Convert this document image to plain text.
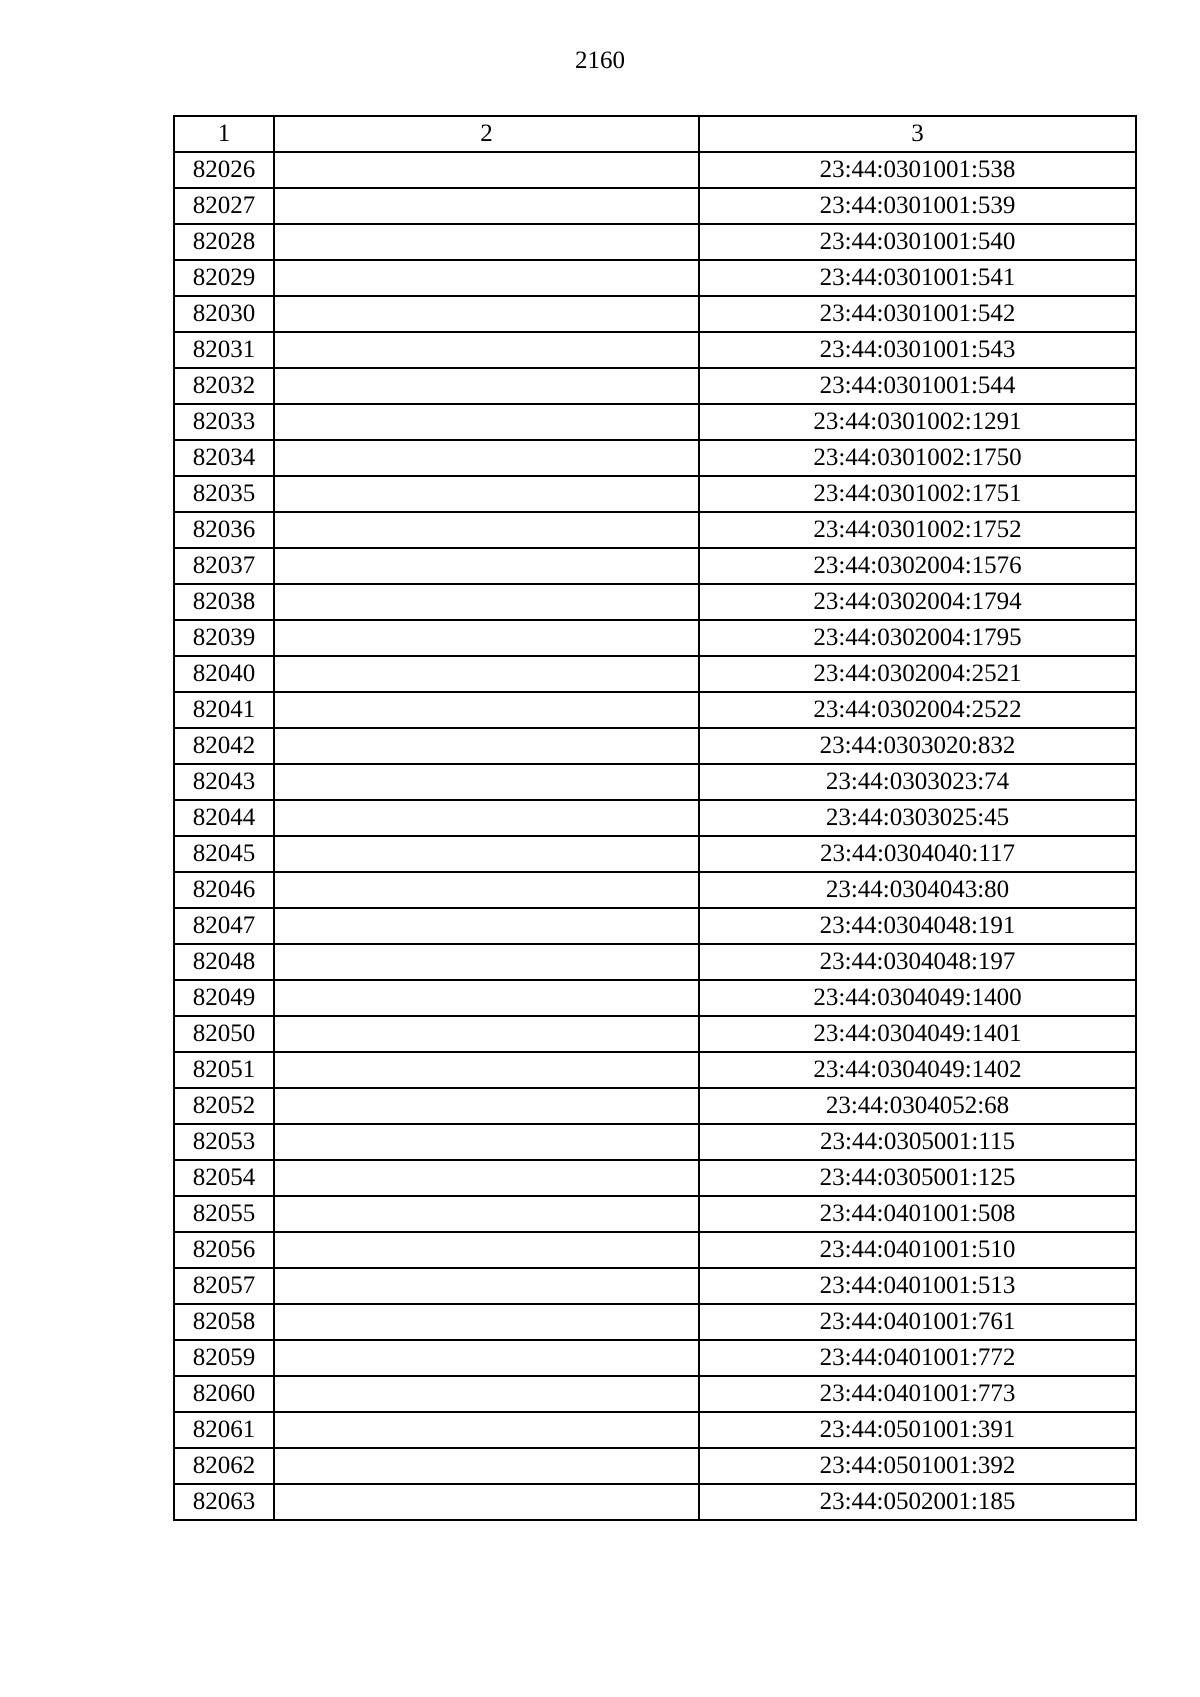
2160
1	2	3
82026		23:44:0301001:538
82027		23:44:0301001:539
82028		23:44:0301001:540
82029		23:44:0301001:541
82030		23:44:0301001:542
82031		23:44:0301001:543
82032		23:44:0301001:544
82033		23:44:0301002:1291
82034		23:44:0301002:1750
82035		23:44:0301002:1751
82036		23:44:0301002:1752
82037		23:44:0302004:1576
82038		23:44:0302004:1794
82039		23:44:0302004:1795
82040		23:44:0302004:2521
82041		23:44:0302004:2522
82042		23:44:0303020:832
82043		23:44:0303023:74
82044		23:44:0303025:45
82045		23:44:0304040:117
82046		23:44:0304043:80
82047		23:44:0304048:191
82048		23:44:0304048:197
82049		23:44:0304049:1400
82050		23:44:0304049:1401
82051		23:44:0304049:1402
82052		23:44:0304052:68
82053		23:44:0305001:115
82054		23:44:0305001:125
82055		23:44:0401001:508
82056		23:44:0401001:510
82057		23:44:0401001:513
82058		23:44:0401001:761
82059		23:44:0401001:772
82060		23:44:0401001:773
82061		23:44:0501001:391
82062		23:44:0501001:392
82063		23:44:0502001:185
